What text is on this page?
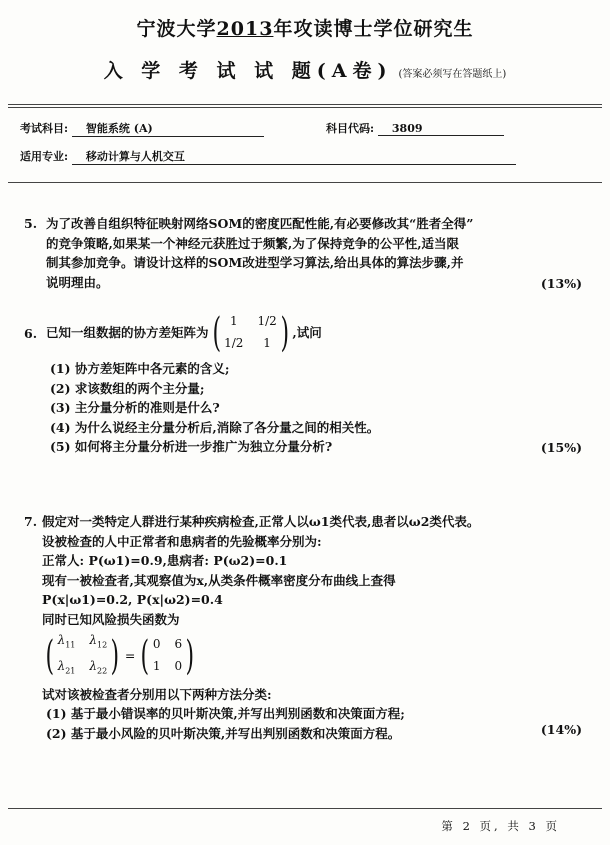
宁波大学2013年攻读博士学位研究生
入 学 考 试 试 题(A卷) (答案必须写在答题纸上)
考试科目: 智能系统 (A)	科目代码: 3809
适用专业: 移动计算与人机交互
5. 为了改善自组织特征映射网络SOM的密度匹配性能,有必要修改其“胜者全得”
的竞争策略,如果某一个神经元获胜过于频繁,为了保持竞争的公平性,适当限
制其参加竞争。请设计这样的SOM改进型学习算法,给出具体的算法步骤,并
说明理由。	(13%)
6. 已知一组数据的协方差矩阵为 ( 1	1/2
1/2	1 ) ,试问
(1) 协方差矩阵中各元素的含义;
(2) 求该数组的两个主分量;
(3) 主分量分析的准则是什么?
(4) 为什么说经主分量分析后,消除了各分量之间的相关性。
(5) 如何将主分量分析进一步推广为独立分量分析?	(15%)
7. 假定对一类特定人群进行某种疾病检查,正常人以ω1类代表,患者以ω2类代表。
设被检查的人中正常者和患病者的先验概率分别为:
正常人: P(ω1)=0.9,患病者: P(ω2)=0.1
现有一被检查者,其观察值为x,从类条件概率密度分布曲线上查得
P(x|ω1)=0.2, P(x|ω2)=0.4
同时已知风险损失函数为
( $\lambda_{11}$ $\lambda_{12}$
$\lambda_{21}$ $\lambda_{22}$ ) = ( 0 6
1 0 )
试对该被检查者分别用以下两种方法分类:
(1) 基于最小错误率的贝叶斯决策,并写出判别函数和决策面方程;
(2) 基于最小风险的贝叶斯决策,并写出判别函数和决策面方程。	(14%)
第 2 页, 共 3 页
